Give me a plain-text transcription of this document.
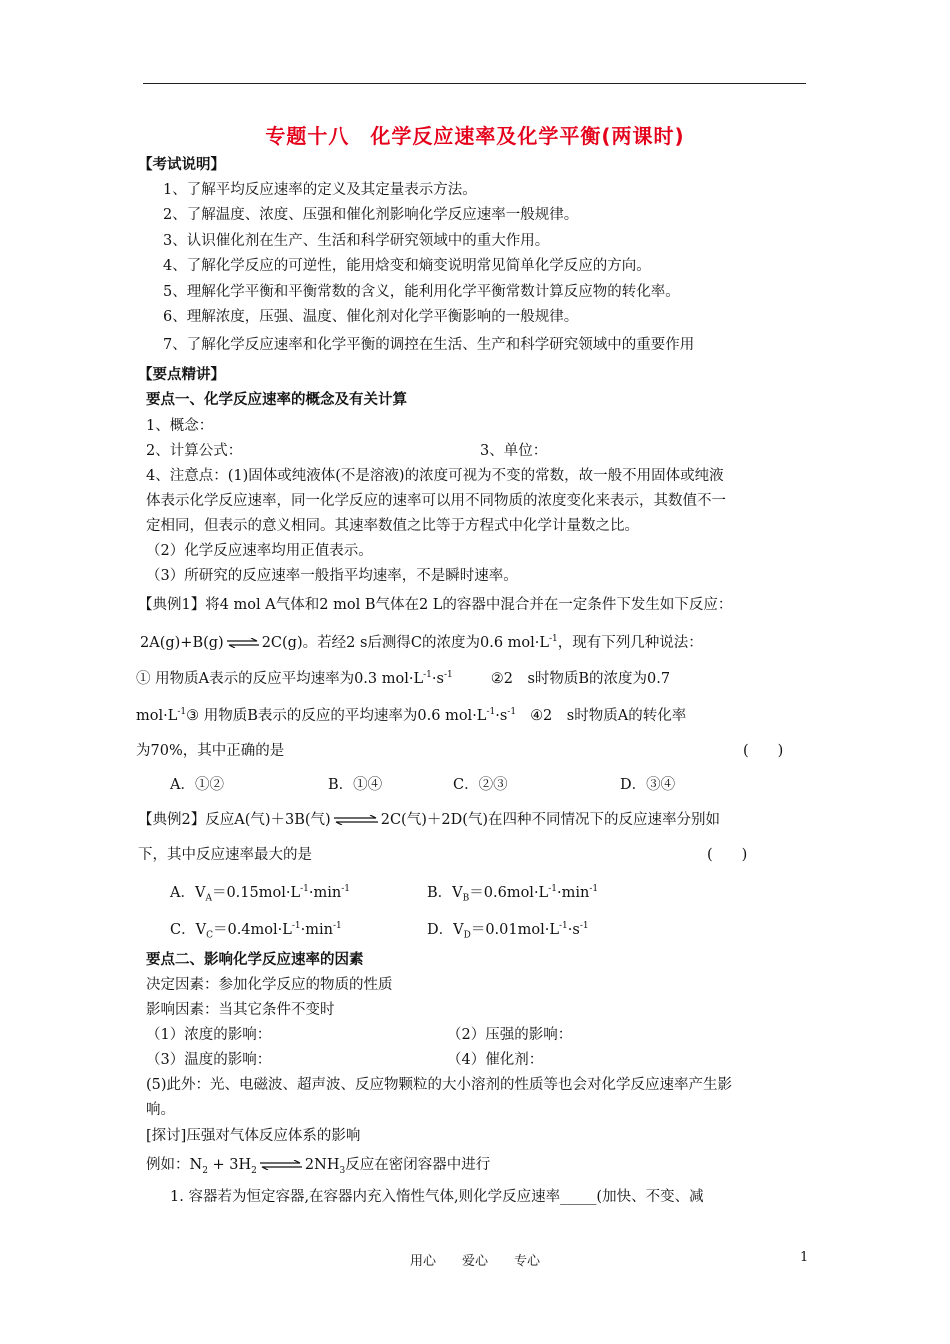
专题十八　化学反应速率及化学平衡(两课时)
【考试说明】
1、了解平均反应速率的定义及其定量表示方法。
2、了解温度、浓度、压强和催化剂影响化学反应速率一般规律。
3、认识催化剂在生产、生活和科学研究领域中的重大作用。
4、了解化学反应的可逆性，能用焓变和熵变说明常见简单化学反应的方向。
5、理解化学平衡和平衡常数的含义，能利用化学平衡常数计算反应物的转化率。
6、理解浓度，压强、温度、催化剂对化学平衡影响的一般规律。
7、了解化学反应速率和化学平衡的调控在生活、生产和科学研究领域中的重要作用
【要点精讲】
要点一、化学反应速率的概念及有关计算
1、概念：
2、计算公式：	3、单位：
4、注意点：(1)固体或纯液体(不是溶液)的浓度可视为不变的常数，故一般不用固体或纯液
体表示化学反应速率，同一化学反应的速率可以用不同物质的浓度变化来表示，其数值不一
定相同，但表示的意义相同。其速率数值之比等于方程式中化学计量数之比。
（2）化学反应速率均用正值表示。
（3）所研究的反应速率一般指平均速率，不是瞬时速率。
【典例1】将4 mol A气体和2 mol B气体在2 L的容器中混合并在一定条件下发生如下反应：
2A(g)+B(g) ⇌ 2C(g)。若经2 s后测得C的浓度为0.6 $mol\cdot L^{-1}$，现有下列几种说法：
① 用物质A表示的反应平均速率为0.3 $mol\cdot L^{-1}\cdot s^{-1}$	②2　s时物质B的浓度为0.7
$mol\cdot L^{-1}③$ 用物质B表示的反应的平均速率为0.6 $mol\cdot L^{-1}\cdot s^{-1}$ ④2　s时物质A的转化率
为70%，其中正确的是	(　　)
A．①②	B．①④	C．②③	D．③④
【典例2】反应A(气)＋3B(气) ⇌ 2C(气)＋2D(气)在四种不同情况下的反应速率分别如
下，其中反应速率最大的是	(　　)
A．$V_A=0.15mol\cdot L^{-1}\cdot\min^{-1}$	B．$V_B=0.6mol\cdot L^{-1}\cdot\min^{-1}$
C．$V_C=0.4mol\cdot L^{-1}\cdot\min^{-1}$	D．$V_D=0.01mol\cdot L^{-1}\cdot s^{-1}$
要点二、影响化学反应速率的因素
决定因素：参加化学反应的物质的性质
影响因素：当其它条件不变时
（1）浓度的影响：	（2）压强的影响：
（3）温度的影响：	（4）催化剂：
(5)此外：光、电磁波、超声波、反应物颗粒的大小溶剂的性质等也会对化学反应速率产生影
响。
[探讨]压强对气体反应体系的影响
例如：$N_2 + 3H_2$ ⇌ $2NH_3$反应在密闭容器中进行
1. 容器若为恒定容器,在容器内充入惰性气体,则化学反应速率_____(加快、不变、减
用心　　爱心　　专心	1
